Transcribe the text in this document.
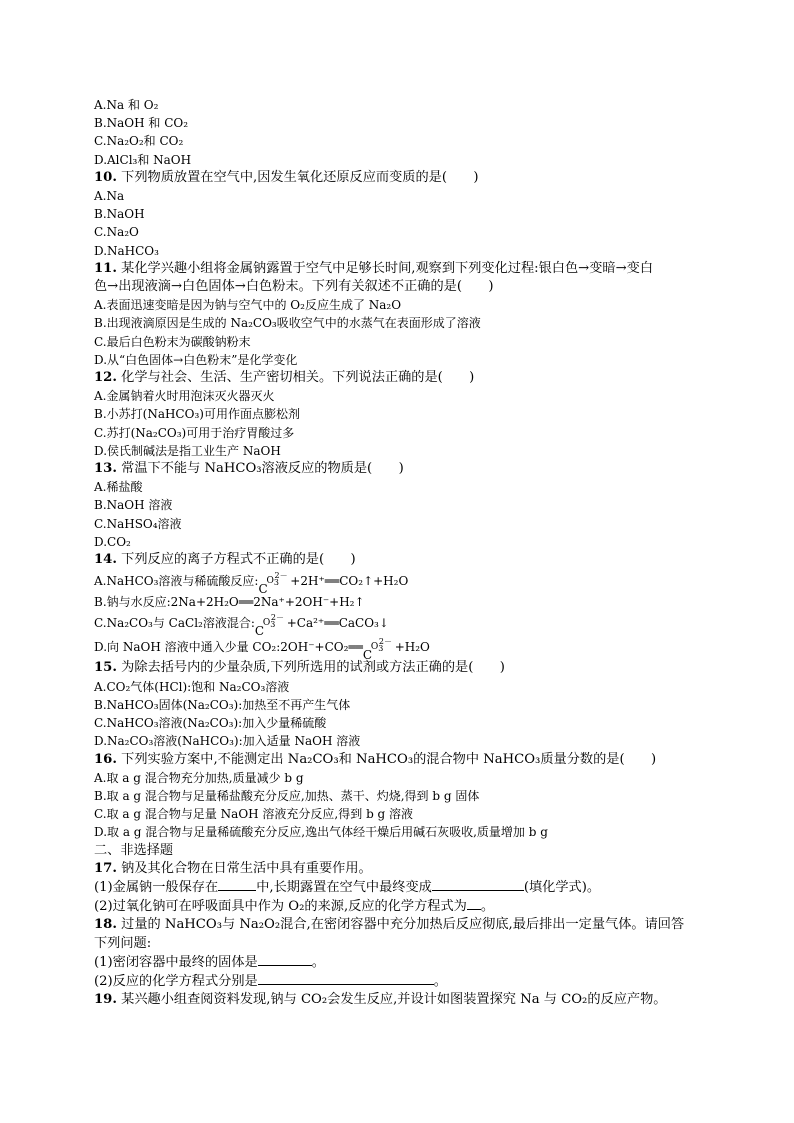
A.Na 和 O₂
B.NaOH 和 CO₂
C.Na₂O₂和 CO₂
D.AlCl₃和 NaOH
10. 下列物质放置在空气中,因发生氧化还原反应而变质的是(　　)
A.Na
B.NaOH
C.Na₂O
D.NaHCO₃
11. 某化学兴趣小组将金属钠露置于空气中足够长时间,观察到下列变化过程:银白色→变暗→变白
色→出现液滴→白色固体→白色粉末。下列有关叙述不正确的是(　　)
A.表面迅速变暗是因为钠与空气中的 O₂反应生成了 Na₂O
B.出现液滴原因是生成的 Na₂CO₃吸收空气中的水蒸气在表面形成了溶液
C.最后白色粉末为碳酸钠粉末
D.从“白色固体→白色粉末”是化学变化
12. 化学与社会、生活、生产密切相关。下列说法正确的是(　　)
A.金属钠着火时用泡沫灭火器灭火
B.小苏打(NaHCO₃)可用作面点膨松剂
C.苏打(Na₂CO₃)可用于治疗胃酸过多
D.侯氏制碱法是指工业生产 NaOH
13. 常温下不能与 NaHCO₃溶液反应的物质是(　　)
A.稀盐酸
B.NaOH 溶液
C.NaHSO₄溶液
D.CO₂
14. 下列反应的离子方程式不正确的是(　　)
A.NaHCO₃溶液与稀硫酸反应:
C
O3
2－
+2H⁺══CO₂↑+H₂O
B.钠与水反应:2Na+2H₂O══2Na⁺+2OH⁻+H₂↑
C.Na₂CO₃与 CaCl₂溶液混合:
C
O3
2－
+Ca²⁺══CaCO₃↓
D.向 NaOH 溶液中通入少量 CO₂:2OH⁻+CO₂══
C
O3
2－
+H₂O
15. 为除去括号内的少量杂质,下列所选用的试剂或方法正确的是(　　)
A.CO₂气体(HCl):饱和 Na₂CO₃溶液
B.NaHCO₃固体(Na₂CO₃):加热至不再产生气体
C.NaHCO₃溶液(Na₂CO₃):加入少量稀硫酸
D.Na₂CO₃溶液(NaHCO₃):加入适量 NaOH 溶液
16. 下列实验方案中,不能测定出 Na₂CO₃和 NaHCO₃的混合物中 NaHCO₃质量分数的是(　　)
A.取 a g 混合物充分加热,质量减少 b g
B.取 a g 混合物与足量稀盐酸充分反应,加热、蒸干、灼烧,得到 b g 固体
C.取 a g 混合物与足量 NaOH 溶液充分反应,得到 b g 溶液
D.取 a g 混合物与足量稀硫酸充分反应,逸出气体经干燥后用碱石灰吸收,质量增加 b g
二、非选择题
17. 钠及其化合物在日常生活中具有重要作用。
(1)金属钠一般保存在	中,长期露置在空气中最终变成	(填化学式)。
(2)过氧化钠可在呼吸面具中作为 O₂的来源,反应的化学方程式为 。
18. 过量的 NaHCO₃与 Na₂O₂混合,在密闭容器中充分加热后反应彻底,最后排出一定量气体。请回答
下列问题:
(1)密闭容器中最终的固体是	。
(2)反应的化学方程式分别是	。
19. 某兴趣小组查阅资料发现,钠与 CO₂会发生反应,并设计如图装置探究 Na 与 CO₂的反应产物。
